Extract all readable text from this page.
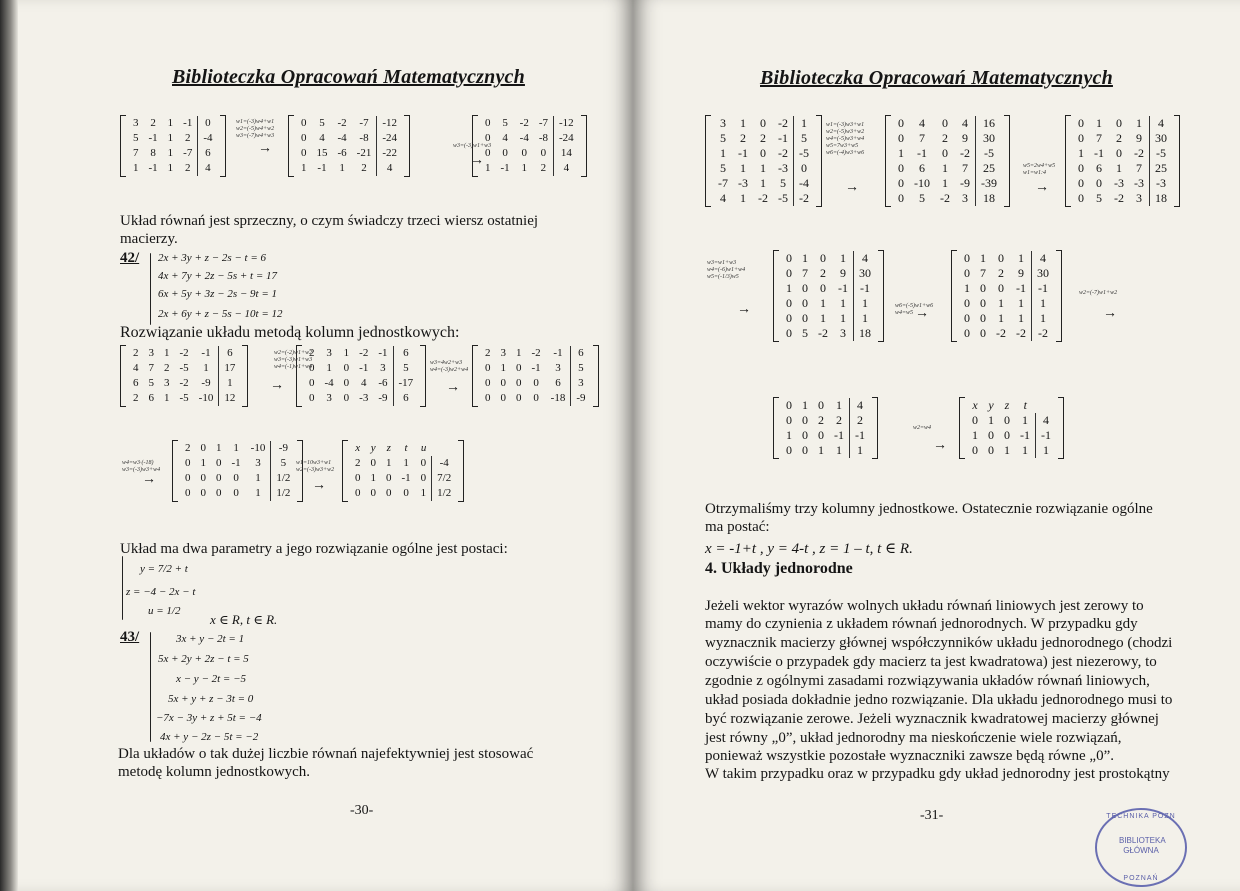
Biblioteczka Opracowań Matematycznych
3	2	1	-1	0
5	-1	1	2	-4
7	8	1	-7	6
1	-1	1	2	4
w1=(-3)w4+w1
w2=(-5)w4+w2
w3=(-7)w4+w3
→
0	5	-2	-7	-12
0	4	-4	-8	-24
0	15	-6	-21	-22
1	-1	1	2	4
w3=(-3)w1+w3
→
0	5	-2	-7	-12
0	4	-4	-8	-24
0	0	0	0	14
1	-1	1	2	4
Układ równań jest sprzeczny, o czym świadczy trzeci wiersz ostatniej
macierzy.
42/ 2x + 3y + z − 2s − t = 6
4x + 7y + 2z − 5s + t = 17
6x + 5y + 3z − 2s − 9t = 1
2x + 6y + z − 5s − 10t = 12
Rozwiązanie układu metodą kolumn jednostkowych:
2	3	1	-2	-1	6
4	7	2	-5	1	17
6	5	3	-2	-9	1
2	6	1	-5	-10	12
w2=(-2)w1+w2
w3=(-3)w1+w3
w4=(-1)w1+w4
→
2	3	1	-2	-1	6
0	1	0	-1	3	5
0	-4	0	4	-6	-17
0	3	0	-3	-9	6
w3=4w2+w3
w4=(-3)w2+w4
→
2	3	1	-2	-1	6
0	1	0	-1	3	5
0	0	0	0	6	3
0	0	0	0	-18	-9
w4=w3·(-18)
w3=(-3)w3+w4
→
2	0	1	1	-10	-9
0	1	0	-1	3	5
0	0	0	0	1	1/2
0	0	0	0	1	1/2
w1=10w3+w1
w2=(-3)w3+w2
→
x	y	z	t	u	
2	0	1	1	0	-4
0	1	0	-1	0	7/2
0	0	0	0	1	1/2
Układ ma dwa parametry a jego rozwiązanie ogólne jest postaci:
y = 7/2 + t
z = −4 − 2x − t
u = 1/2
x ∈ R, t ∈ R.
43/	3x + y − 2t = 1
5x + 2y + 2z − t = 5
x − y − 2t = −5
5x + y + z − 3t = 0
−7x − 3y + z + 5t = −4
4x + y − 2z − 5t = −2
Dla układów o tak dużej liczbie równań najefektywniej jest stosować
metodę kolumn jednostkowych.
-30-
Biblioteczka Opracowań Matematycznych
3	1	0	-2	1
5	2	2	-1	5
1	-1	0	-2	-5
5	1	1	-3	0
-7	-3	1	5	-4
4	1	-2	-5	-2
w1=(-3)w3+w1
w2=(-5)w3+w2
w4=(-5)w3+w4
w5=7w3+w5
w6=(-4)w3+w6
→
0	4	0	4	16
0	7	2	9	30
1	-1	0	-2	-5
0	6	1	7	25
0	-10	1	-9	-39
0	5	-2	3	18
w5=2w4+w5
w1=w1:4
→
0	1	0	1	4
0	7	2	9	30
1	-1	0	-2	-5
0	6	1	7	25
0	0	-3	-3	-3
0	5	-2	3	18
w3=w1+w3
w4=(-6)w1+w4
w5=(-1/3)w5
→
0	1	0	1	4
0	7	2	9	30
1	0	0	-1	-1
0	0	1	1	1
0	0	1	1	1
0	5	-2	3	18
w6=(-5)w1+w6
w4=w5 →
0	1	0	1	4
0	7	2	9	30
1	0	0	-1	-1
0	0	1	1	1
0	0	1	1	1
0	0	-2	-2	-2
w2=(-7)w1+w2
→
0	1	0	1	4
0	0	2	2	2
1	0	0	-1	-1
0	0	1	1	1
w2=w4
→
x	y	z	t	
0	1	0	1	4
1	0	0	-1	-1
0	0	1	1	1
Otrzymaliśmy trzy kolumny jednostkowe. Ostatecznie rozwiązanie ogólne
ma postać:
x = -1+t , y = 4-t , z = 1 – t, t ∈ R.
4. Układy jednorodne
Jeżeli wektor wyrazów wolnych układu równań liniowych jest zerowy to
mamy do czynienia z układem równań jednorodnych. W przypadku gdy
wyznacznik macierzy głównej współczynników układu jednorodnego (chodzi
oczywiście o przypadek gdy macierz ta jest kwadratowa) jest niezerowy, to
zgodnie z ogólnymi zasadami rozwiązywania układów równań liniowych,
układ posiada dokładnie jedno rozwiązanie. Dla układu jednorodnego musi to
być rozwiązanie zerowe. Jeżeli wyznacznik kwadratowej macierzy głównej
jest równy „0”, układ jednorodny ma nieskończenie wiele rozwiązań,
ponieważ wszystkie pozostałe wyznaczniki zawsze będą równe „0”.
W takim przypadku oraz w przypadku gdy układ jednorodny jest prostokątny
-31-	TECHNIKA POZN
BIBLIOTEKA
GŁÓWNA
POZNAŃ
